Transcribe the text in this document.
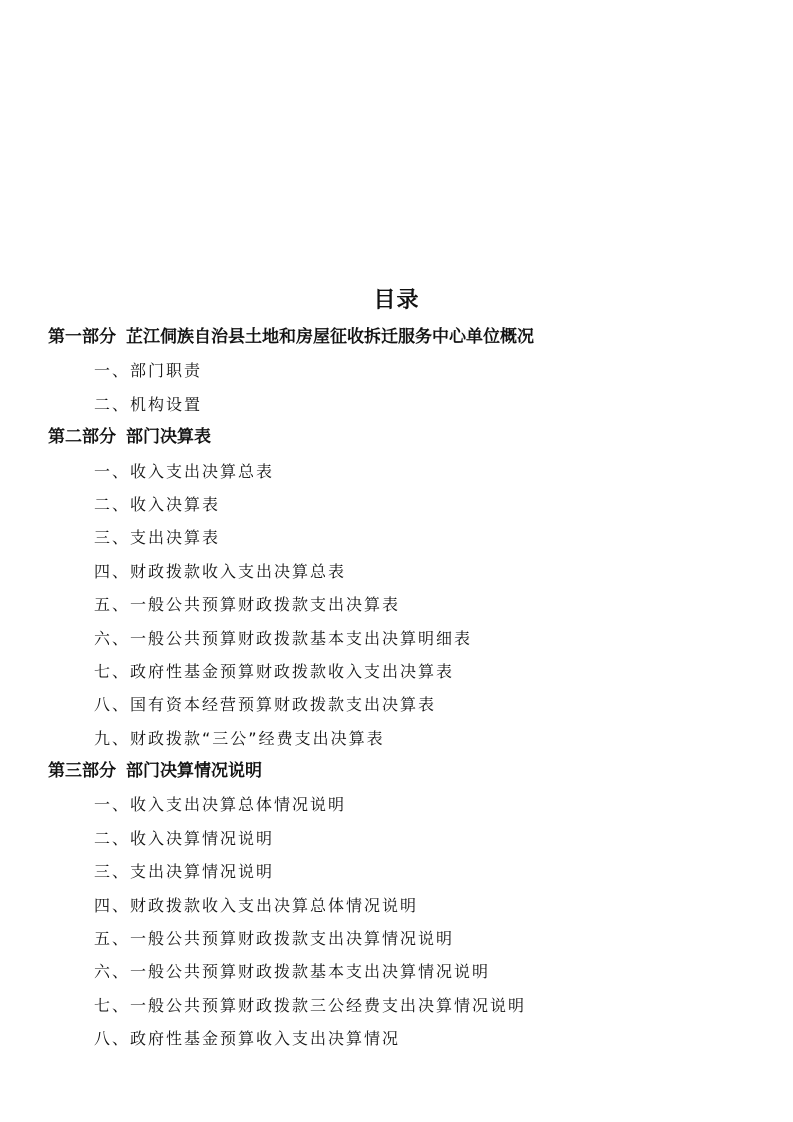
目录
第一部分 芷江侗族自治县土地和房屋征收拆迁服务中心单位概况
一、部门职责
二、机构设置
第二部分 部门决算表
一、收入支出决算总表
二、收入决算表
三、支出决算表
四、财政拨款收入支出决算总表
五、一般公共预算财政拨款支出决算表
六、一般公共预算财政拨款基本支出决算明细表
七、政府性基金预算财政拨款收入支出决算表
八、国有资本经营预算财政拨款支出决算表
九、财政拨款“三公”经费支出决算表
第三部分 部门决算情况说明
一、收入支出决算总体情况说明
二、收入决算情况说明
三、支出决算情况说明
四、财政拨款收入支出决算总体情况说明
五、一般公共预算财政拨款支出决算情况说明
六、一般公共预算财政拨款基本支出决算情况说明
七、一般公共预算财政拨款三公经费支出决算情况说明
八、政府性基金预算收入支出决算情况
